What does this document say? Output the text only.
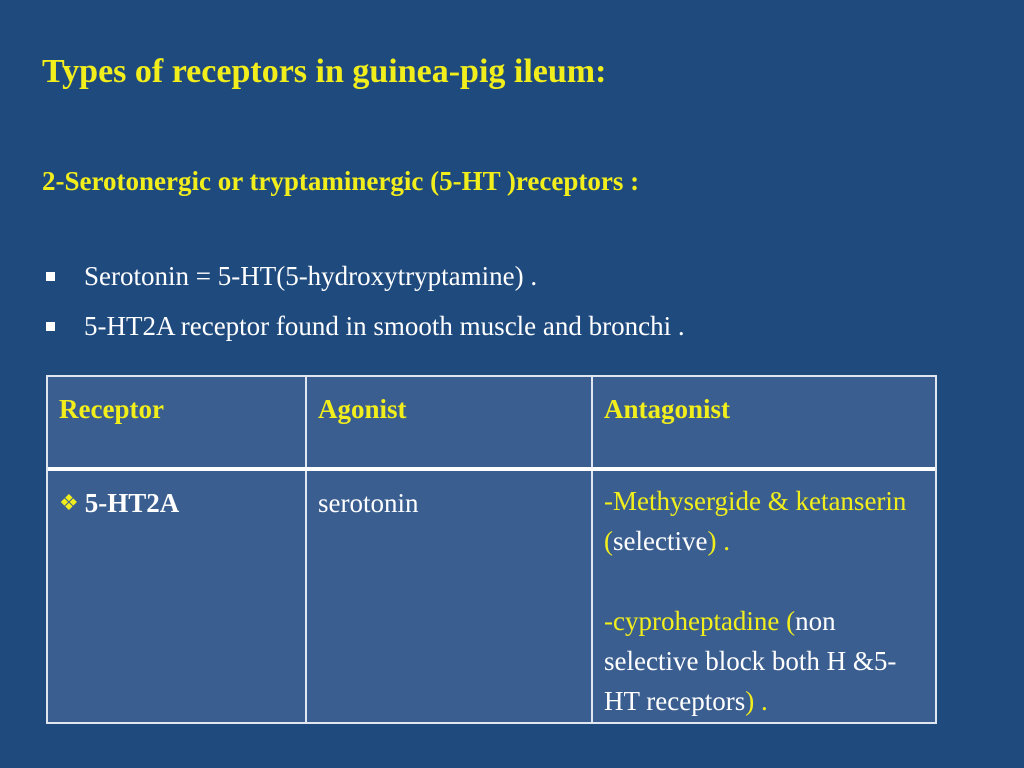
Types of receptors in guinea-pig ileum:
2-Serotonergic or tryptaminergic (5-HT )receptors :
Serotonin = 5-HT(5-hydroxytryptamine) .
5-HT2A receptor found in smooth muscle and bronchi .
Receptor	Agonist	Antagonist
❖ 5-HT2A	serotonin	-Methysergide & ketanserin (selective) .
-cyproheptadine (non selective block both H &5-HT receptors) .
